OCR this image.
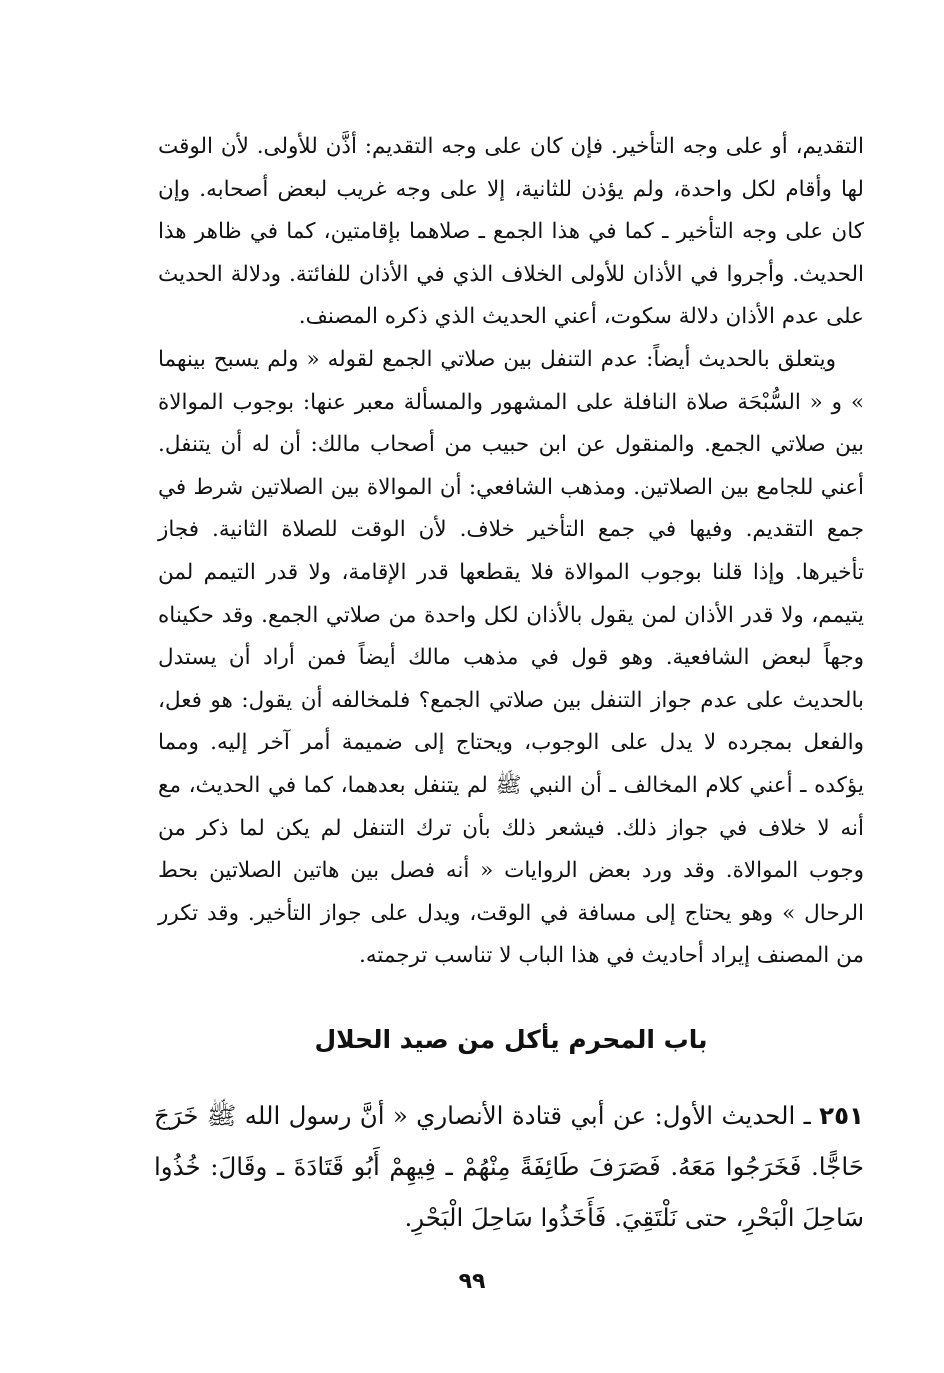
التقديم، أو على وجه التأخير. فإن كان على وجه التقديم: أذَّن للأولى. لأن الوقت لها وأقام لكل واحدة، ولم يؤذن للثانية، إلا على وجه غريب لبعض أصحابه. وإن كان على وجه التأخير ـ كما في هذا الجمع ـ صلاهما بإقامتين، كما في ظاهر هذا الحديث. وأجروا في الأذان للأولى الخلاف الذي في الأذان للفائتة. ودلالة الحديث على عدم الأذان دلالة سكوت، أعني الحديث الذي ذكره المصنف.

ويتعلق بالحديث أيضاً: عدم التنفل بين صلاتي الجمع لقوله « ولم يسبح بينهما » و « السُّبْحَة صلاة النافلة على المشهور والمسألة معبر عنها: بوجوب الموالاة بين صلاتي الجمع. والمنقول عن ابن حبيب من أصحاب مالك: أن له أن يتنفل. أعني للجامع بين الصلاتين. ومذهب الشافعي: أن الموالاة بين الصلاتين شرط في جمع التقديم. وفيها في جمع التأخير خلاف. لأن الوقت للصلاة الثانية. فجاز تأخيرها. وإذا قلنا بوجوب الموالاة فلا يقطعها قدر الإقامة، ولا قدر التيمم لمن يتيمم، ولا قدر الأذان لمن يقول بالأذان لكل واحدة من صلاتي الجمع. وقد حكيناه وجهاً لبعض الشافعية. وهو قول في مذهب مالك أيضاً فمن أراد أن يستدل بالحديث على عدم جواز التنفل بين صلاتي الجمع؟ فلمخالفه أن يقول: هو فعل، والفعل بمجرده لا يدل على الوجوب، ويحتاج إلى ضميمة أمر آخر إليه. ومما يؤكده ـ أعني كلام المخالف ـ أن النبي ﷺ لم يتنفل بعدهما، كما في الحديث، مع أنه لا خلاف في جواز ذلك. فيشعر ذلك بأن ترك التنفل لم يكن لما ذكر من وجوب الموالاة. وقد ورد بعض الروايات « أنه فصل بين هاتين الصلاتين بحط الرحال » وهو يحتاج إلى مسافة في الوقت، ويدل على جواز التأخير. وقد تكرر من المصنف إيراد أحاديث في هذا الباب لا تناسب ترجمته.

باب المحرم يأكل من صيد الحلال

٢٥١ ـ الحديث الأول: عن أبي قتادة الأنصاري « أنَّ رسول الله ﷺ خَرَجَ حَاجًّا. فَخَرَجُوا مَعَهُ. فَصَرَفَ طَائِفَةً مِنْهُمْ ـ فِيهِمْ أَبُو قَتَادَةَ ـ وقَالَ: خُذُوا سَاحِلَ الْبَحْرِ، حتى نَلْتَقِيَ. فَأَخَذُوا سَاحِلَ الْبَحْرِ.

٩٩
